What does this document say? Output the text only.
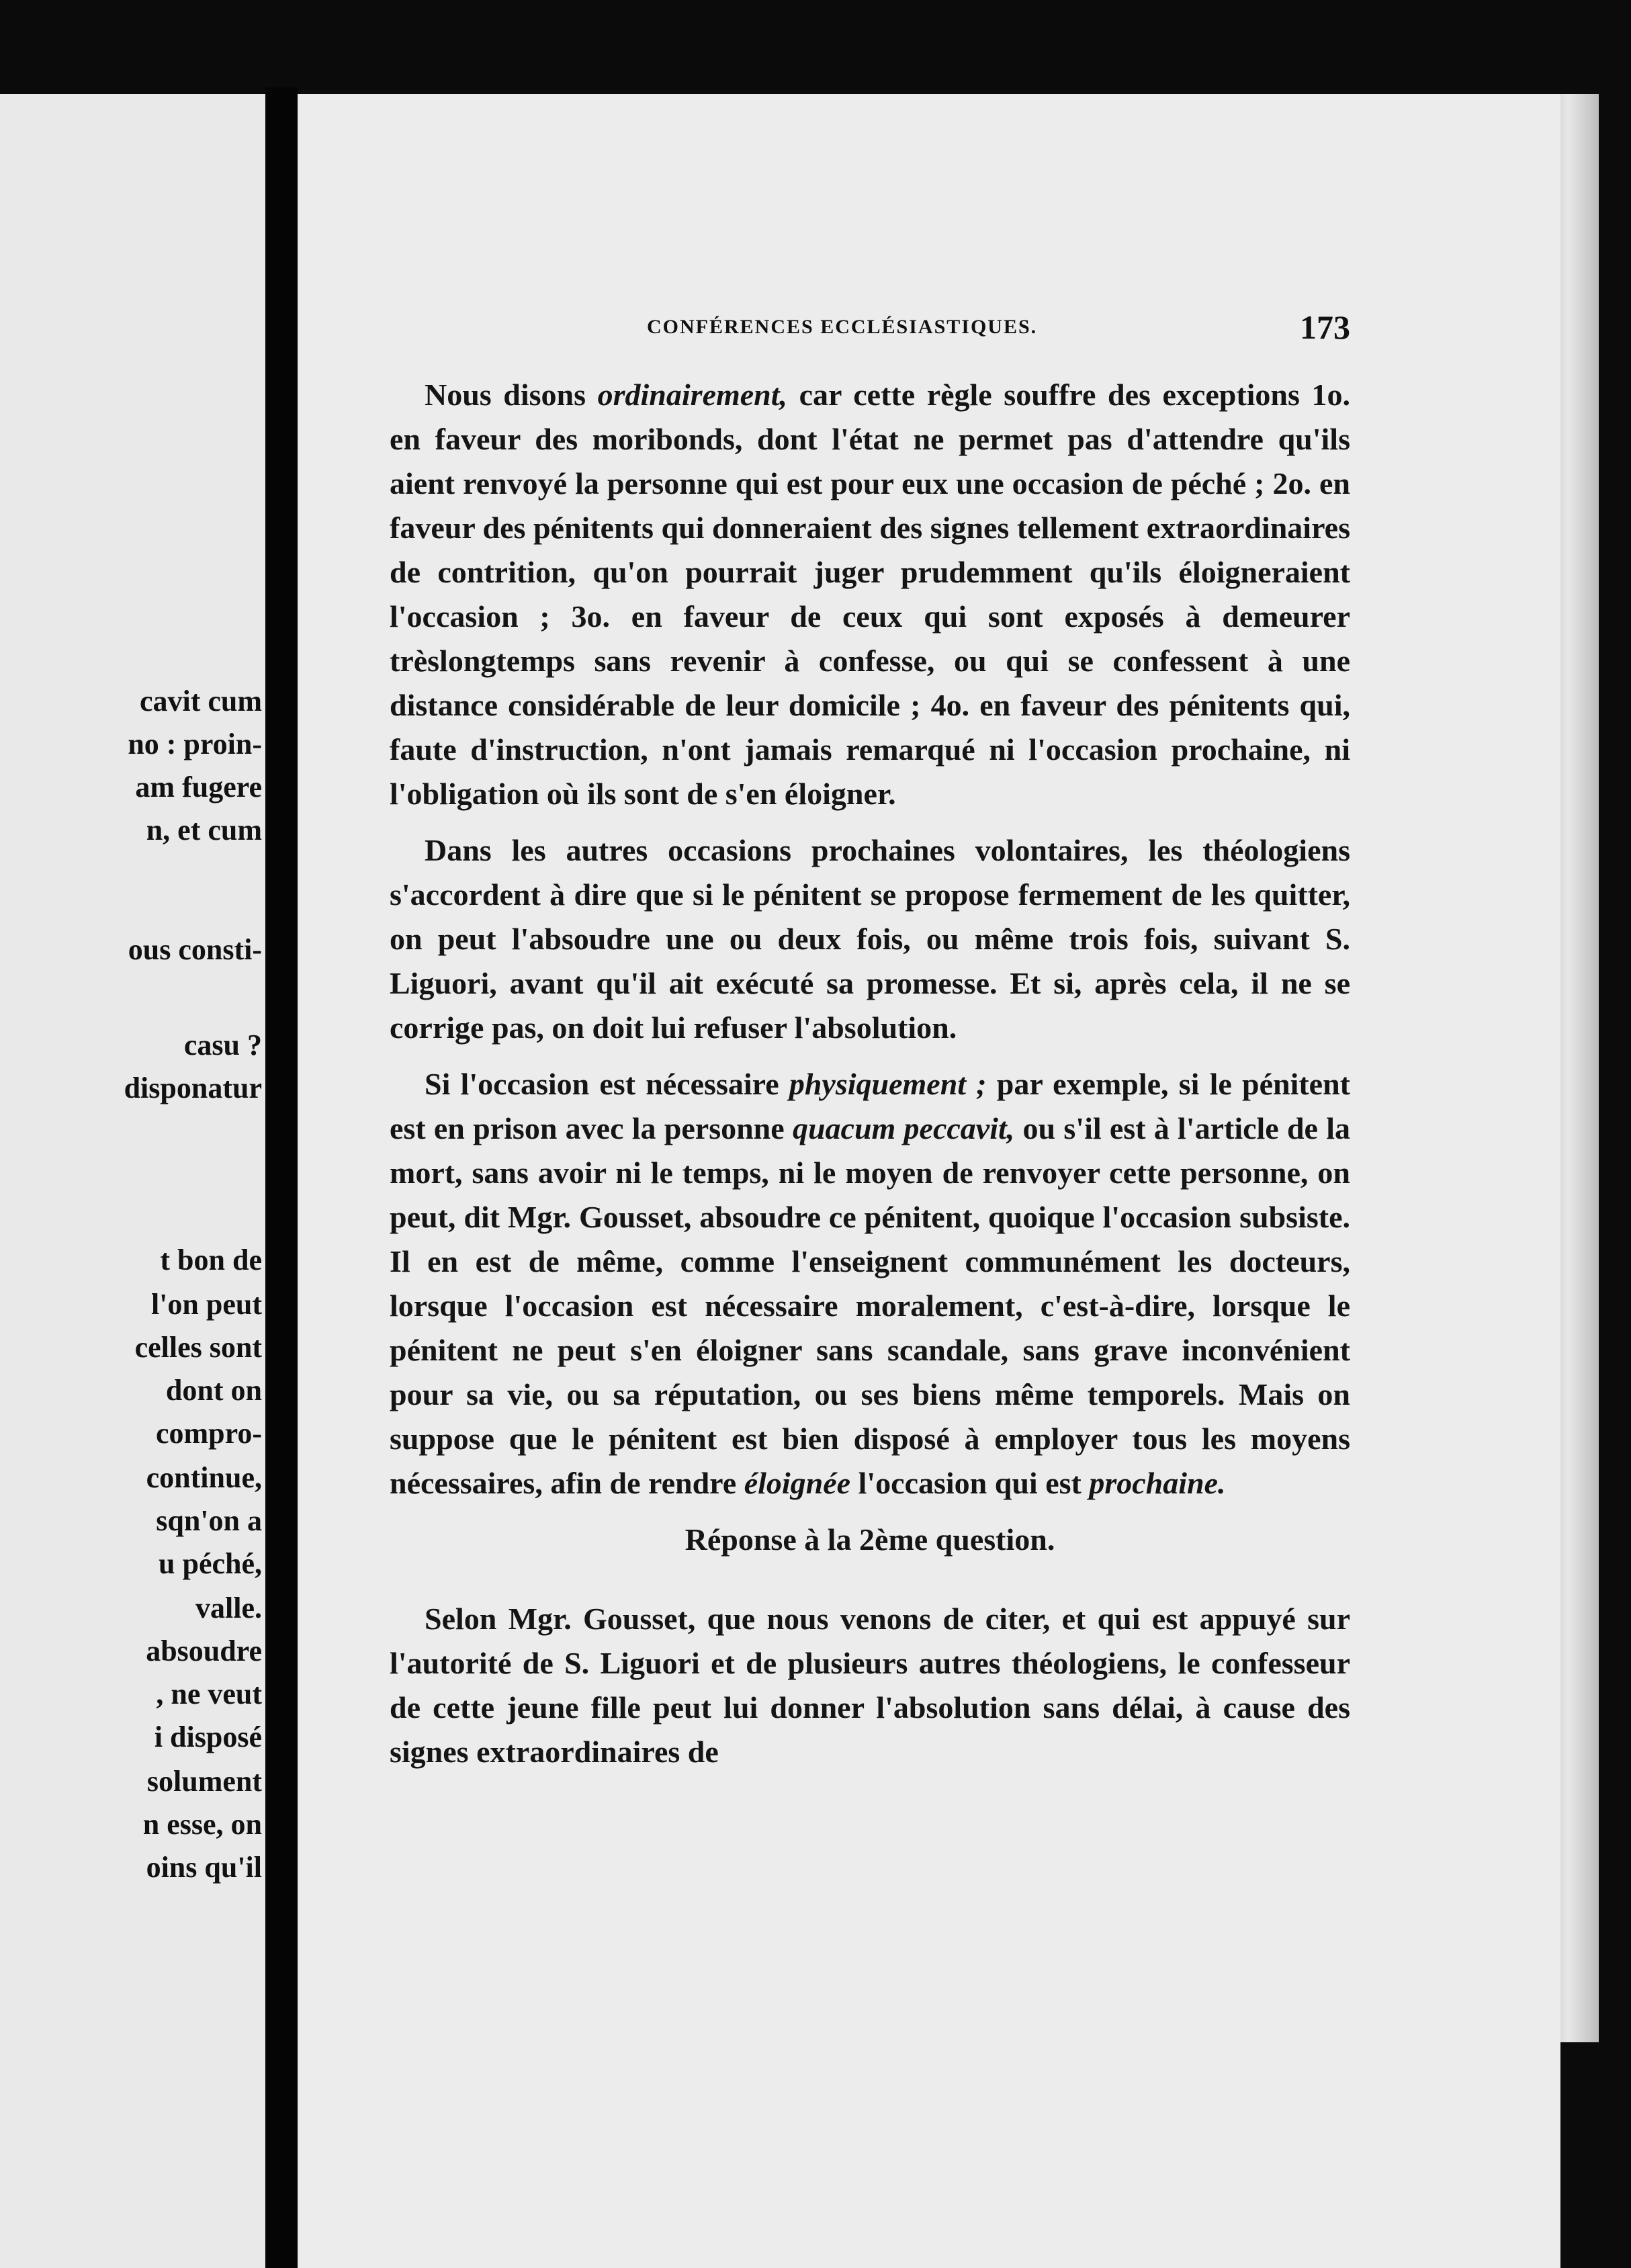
cavit cum

no : proin-

am fugere

n, et cum

ous consti-

casu ?

disponatur

t bon de

l'on peut

celles sont

dont on

compro-

continue,

sqn'on a

u péché,

valle.

absoudre

, ne veut

i disposé

solument

n esse, on

oins qu'il

CONFÉRENCES ECCLÉSIASTIQUES.	173

Nous disons ordinairement, car cette règle souffre des exceptions 1o. en faveur des moribonds, dont l'état ne permet pas d'attendre qu'ils aient renvoyé la personne qui est pour eux une occasion de péché ; 2o. en faveur des pénitents qui donneraient des signes tellement extraordinaires de contrition, qu'on pourrait juger prudemment qu'ils éloigneraient l'occasion ; 3o. en faveur de ceux qui sont exposés à demeurer trèslongtemps sans revenir à confesse, ou qui se confessent à une distance considérable de leur domicile ; 4o. en faveur des pénitents qui, faute d'instruction, n'ont jamais remarqué ni l'occasion prochaine, ni l'obligation où ils sont de s'en éloigner.

Dans les autres occasions prochaines volontaires, les théologiens s'accordent à dire que si le pénitent se propose fermement de les quitter, on peut l'absoudre une ou deux fois, ou même trois fois, suivant S. Liguori, avant qu'il ait exécuté sa promesse. Et si, après cela, il ne se corrige pas, on doit lui refuser l'absolution.

Si l'occasion est nécessaire physiquement ; par exemple, si le pénitent est en prison avec la personne quacum peccavit, ou s'il est à l'article de la mort, sans avoir ni le temps, ni le moyen de renvoyer cette personne, on peut, dit Mgr. Gousset, absoudre ce pénitent, quoique l'occasion subsiste. Il en est de même, comme l'enseignent communément les docteurs, lorsque l'occasion est nécessaire moralement, c'est-à-dire, lorsque le pénitent ne peut s'en éloigner sans scandale, sans grave inconvénient pour sa vie, ou sa réputation, ou ses biens même temporels. Mais on suppose que le pénitent est bien disposé à employer tous les moyens nécessaires, afin de rendre éloignée l'occasion qui est prochaine.

Réponse à la 2ème question.

Selon Mgr. Gousset, que nous venons de citer, et qui est appuyé sur l'autorité de S. Liguori et de plusieurs autres théologiens, le confesseur de cette jeune fille peut lui donner l'absolution sans délai, à cause des signes extraordinaires de
